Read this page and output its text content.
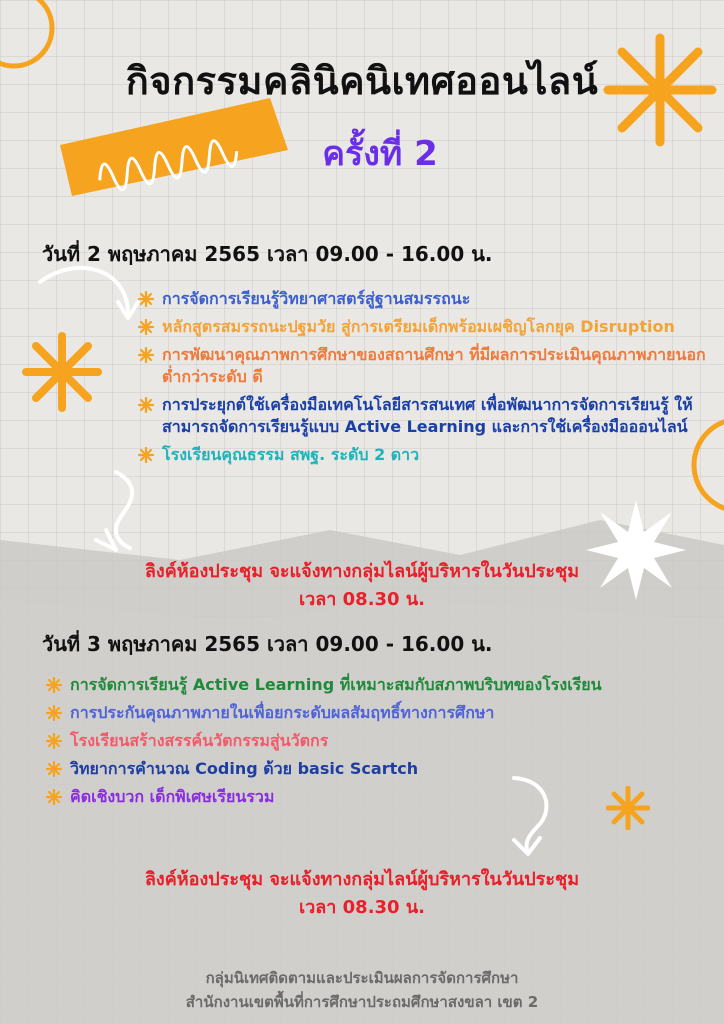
กิจกรรมคลินิคนิเทศออนไลน์
ครั้งที่ 2
วันที่ 2 พฤษภาคม 2565 เวลา 09.00 - 16.00 น.
การจัดการเรียนรู้วิทยาศาสตร์สู่ฐานสมรรถนะ
หลักสูตรสมรรถนะปฐมวัย สู่การเตรียมเด็กพร้อมเผชิญโลกยุค Disruption
การพัฒนาคุณภาพการศึกษาของสถานศึกษา ที่มีผลการประเมินคุณภาพภายนอกต่ำกว่าระดับ ดี
การประยุกต์ใช้เครื่องมือเทคโนโลยีสารสนเทศ เพื่อพัฒนาการจัดการเรียนรู้ ให้สามารถจัดการเรียนรู้แบบ Active Learning และการใช้เครื่องมือออนไลน์
โรงเรียนคุณธรรม สพฐ. ระดับ 2 ดาว
ลิงค์ห้องประชุม จะแจ้งทางกลุ่มไลน์ผู้บริหารในวันประชุม
เวลา 08.30 น.
วันที่ 3 พฤษภาคม 2565 เวลา 09.00 - 16.00 น.
การจัดการเรียนรู้ Active Learning ที่เหมาะสมกับสภาพบริบทของโรงเรียน
การประกันคุณภาพภายในเพื่อยกระดับผลสัมฤทธิ์ทางการศึกษา
โรงเรียนสร้างสรรค์นวัตกรรมสู่นวัตกร
วิทยาการคำนวณ Coding ด้วย basic Scartch
คิดเชิงบวก เด็กพิเศษเรียนรวม
ลิงค์ห้องประชุม จะแจ้งทางกลุ่มไลน์ผู้บริหารในวันประชุม
เวลา 08.30 น.
กลุ่มนิเทศติดตามและประเมินผลการจัดการศึกษา
สำนักงานเขตพื้นที่การศึกษาประถมศึกษาสงขลา เขต 2
